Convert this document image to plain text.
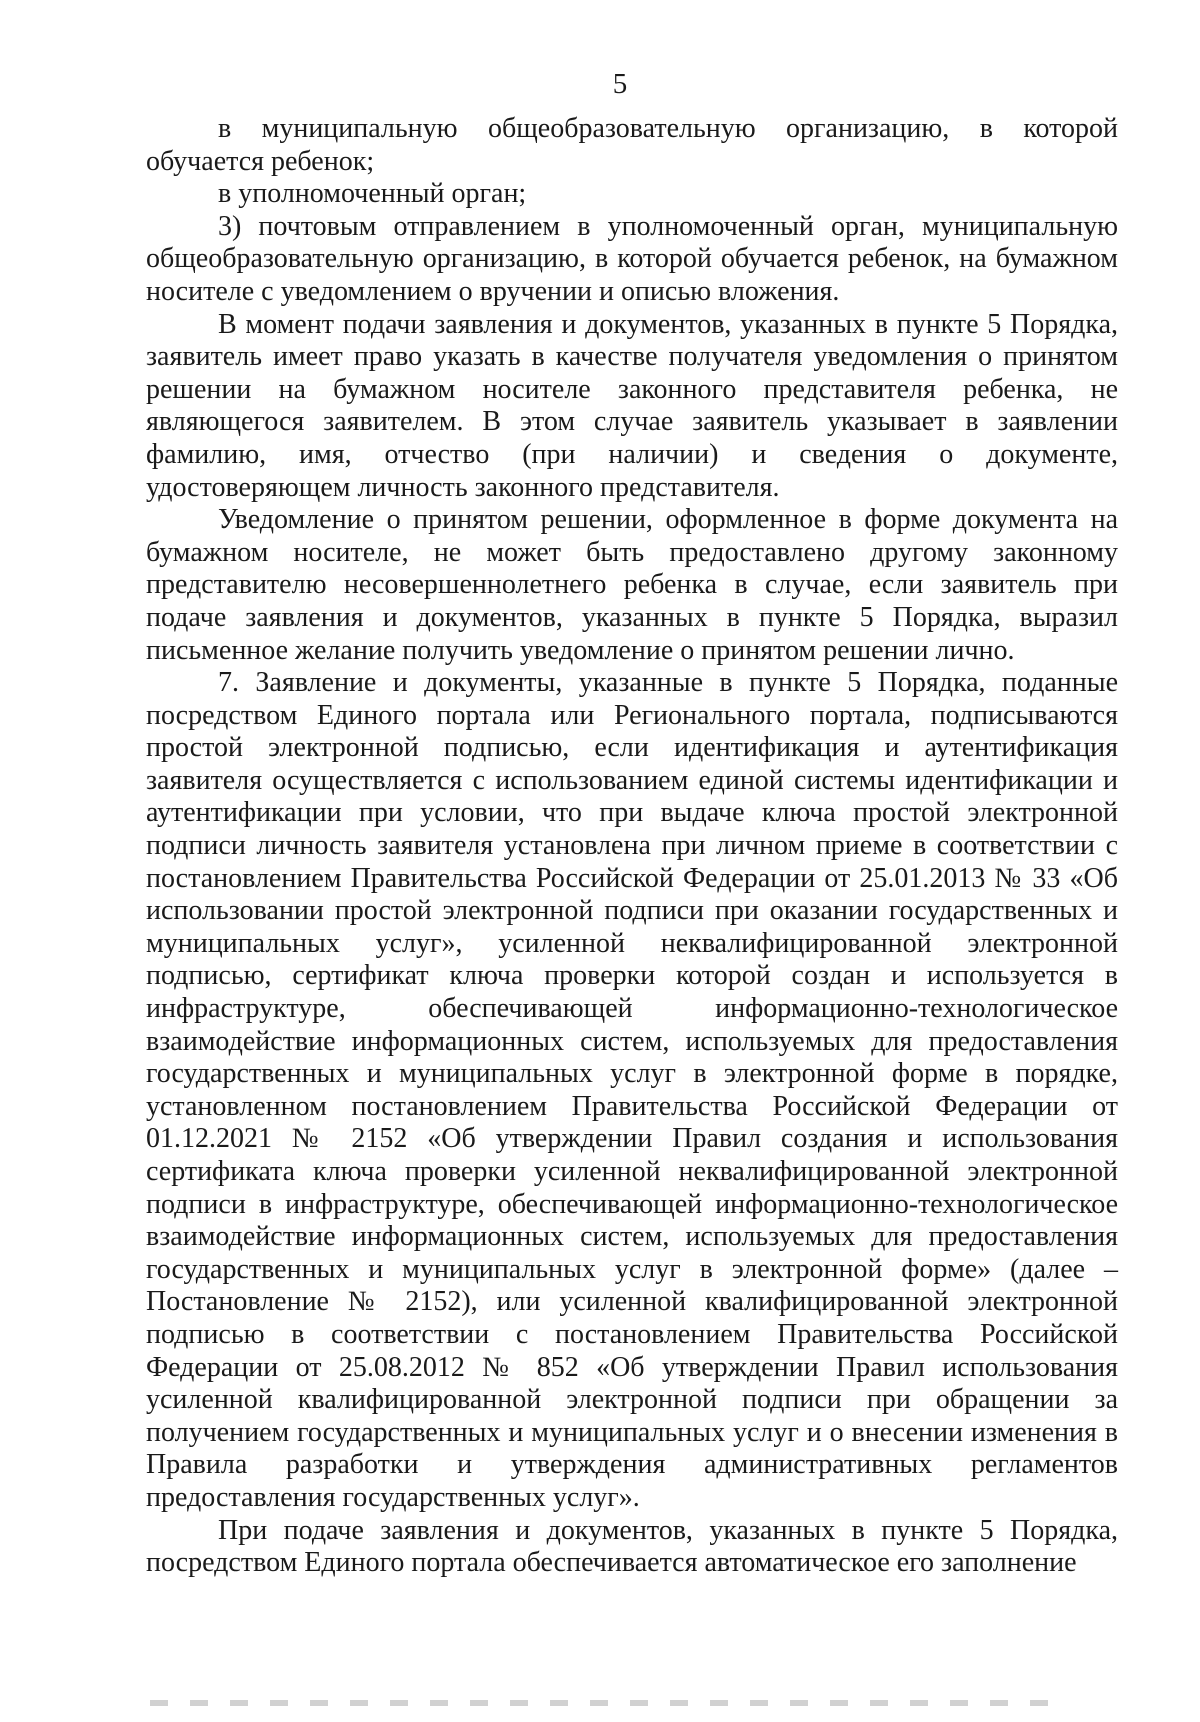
5

в муниципальную общеобразовательную организацию, в которой обучается ребенок;

в уполномоченный орган;

3) почтовым отправлением в уполномоченный орган, муниципальную общеобразовательную организацию, в которой обучается ребенок, на бумажном носителе с уведомлением о вручении и описью вложения.

В момент подачи заявления и документов, указанных в пункте 5 Порядка, заявитель имеет право указать в качестве получателя уведомления о принятом решении на бумажном носителе законного представителя ребенка, не являющегося заявителем. В этом случае заявитель указывает в заявлении фамилию, имя, отчество (при наличии) и сведения о документе, удостоверяющем личность законного представителя.

Уведомление о принятом решении, оформленное в форме документа на бумажном носителе, не может быть предоставлено другому законному представителю несовершеннолетнего ребенка в случае, если заявитель при подаче заявления и документов, указанных в пункте 5 Порядка, выразил письменное желание получить уведомление о принятом решении лично.

7. Заявление и документы, указанные в пункте 5 Порядка, поданные посредством Единого портала или Регионального портала, подписываются простой электронной подписью, если идентификация и аутентификация заявителя осуществляется с использованием единой системы идентификации и аутентификации при условии, что при выдаче ключа простой электронной подписи личность заявителя установлена при личном приеме в соответствии с постановлением Правительства Российской Федерации от 25.01.2013 № 33 «Об использовании простой электронной подписи при оказании государственных и муниципальных услуг», усиленной неквалифицированной электронной подписью, сертификат ключа проверки которой создан и используется в инфраструктуре, обеспечивающей информационно-технологическое взаимодействие информационных систем, используемых для предоставления государственных и муниципальных услуг в электронной форме в порядке, установленном постановлением Правительства Российской Федерации от 01.12.2021 № 2152 «Об утверждении Правил создания и использования сертификата ключа проверки усиленной неквалифицированной электронной подписи в инфраструктуре, обеспечивающей информационно-технологическое взаимодействие информационных систем, используемых для предоставления государственных и муниципальных услуг в электронной форме» (далее – Постановление № 2152), или усиленной квалифицированной электронной подписью в соответствии с постановлением Правительства Российской Федерации от 25.08.2012 № 852 «Об утверждении Правил использования усиленной квалифицированной электронной подписи при обращении за получением государственных и муниципальных услуг и о внесении изменения в Правила разработки и утверждения административных регламентов предоставления государственных услуг».

При подаче заявления и документов, указанных в пункте 5 Порядка, посредством Единого портала обеспечивается автоматическое его заполнение
